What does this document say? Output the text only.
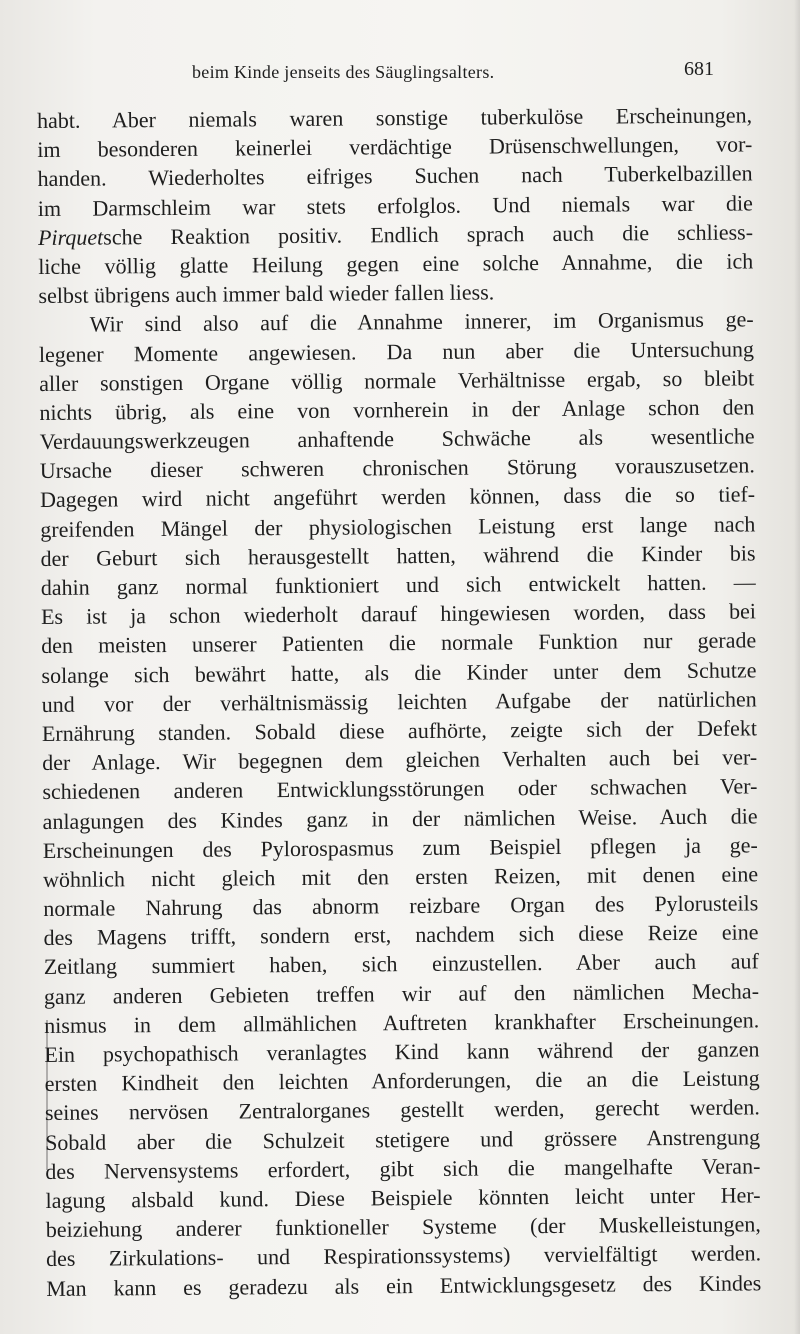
beim Kinde jenseits des Säuglingsalters.	681
habt. Aber niemals waren sonstige tuberkulöse Erscheinungen,
im besonderen keinerlei verdächtige Drüsenschwellungen, vor-
handen. Wiederholtes eifriges Suchen nach Tuberkelbazillen
im Darmschleim war stets erfolglos. Und niemals war die
Pirquetsche Reaktion positiv. Endlich sprach auch die schliess-
liche völlig glatte Heilung gegen eine solche Annahme, die ich
selbst übrigens auch immer bald wieder fallen liess.
Wir sind also auf die Annahme innerer, im Organismus ge-
legener Momente angewiesen. Da nun aber die Untersuchung
aller sonstigen Organe völlig normale Verhältnisse ergab, so bleibt
nichts übrig, als eine von vornherein in der Anlage schon den
Verdauungswerkzeugen anhaftende Schwäche als wesentliche
Ursache dieser schweren chronischen Störung vorauszusetzen.
Dagegen wird nicht angeführt werden können, dass die so tief-
greifenden Mängel der physiologischen Leistung erst lange nach
der Geburt sich herausgestellt hatten, während die Kinder bis
dahin ganz normal funktioniert und sich entwickelt hatten. —
Es ist ja schon wiederholt darauf hingewiesen worden, dass bei
den meisten unserer Patienten die normale Funktion nur gerade
solange sich bewährt hatte, als die Kinder unter dem Schutze
und vor der verhältnismässig leichten Aufgabe der natürlichen
Ernährung standen. Sobald diese aufhörte, zeigte sich der Defekt
der Anlage. Wir begegnen dem gleichen Verhalten auch bei ver-
schiedenen anderen Entwicklungsstörungen oder schwachen Ver-
anlagungen des Kindes ganz in der nämlichen Weise. Auch die
Erscheinungen des Pylorospasmus zum Beispiel pflegen ja ge-
wöhnlich nicht gleich mit den ersten Reizen, mit denen eine
normale Nahrung das abnorm reizbare Organ des Pylorusteils
des Magens trifft, sondern erst, nachdem sich diese Reize eine
Zeitlang summiert haben, sich einzustellen. Aber auch auf
ganz anderen Gebieten treffen wir auf den nämlichen Mecha-
nismus in dem allmählichen Auftreten krankhafter Erscheinungen.
Ein psychopathisch veranlagtes Kind kann während der ganzen
ersten Kindheit den leichten Anforderungen, die an die Leistung
seines nervösen Zentralorganes gestellt werden, gerecht werden.
Sobald aber die Schulzeit stetigere und grössere Anstrengung
des Nervensystems erfordert, gibt sich die mangelhafte Veran-
lagung alsbald kund. Diese Beispiele könnten leicht unter Her-
beiziehung anderer funktioneller Systeme (der Muskelleistungen,
des Zirkulations- und Respirationssystems) vervielfältigt werden.
Man kann es geradezu als ein Entwicklungsgesetz des Kindes
